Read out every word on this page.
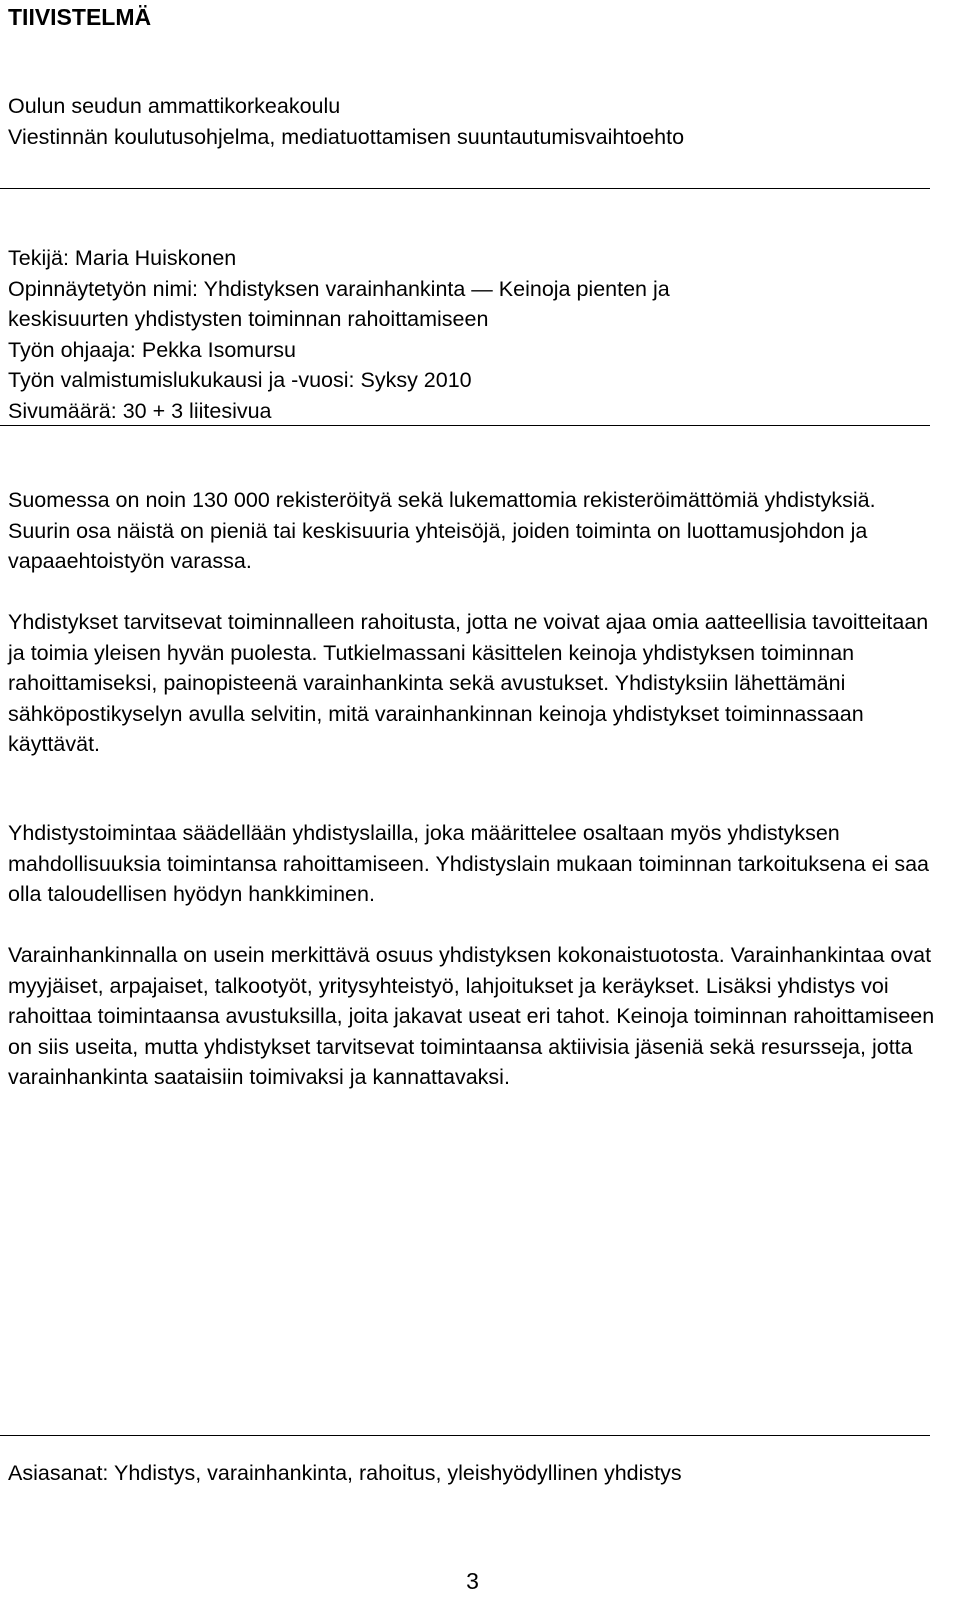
TIIVISTELMÄ
Oulun seudun ammattikorkeakoulu
Viestinnän koulutusohjelma, mediatuottamisen suuntautumisvaihtoehto
Tekijä: Maria Huiskonen
Opinnäytetyön nimi: Yhdistyksen varainhankinta — Keinoja pienten ja
keskisuurten yhdistysten toiminnan rahoittamiseen
Työn ohjaaja: Pekka Isomursu
Työn valmistumislukukausi ja -vuosi: Syksy 2010
Sivumäärä: 30 + 3 liitesivua

Suomessa on noin 130 000 rekisteröityä sekä lukemattomia rekisteröimättömiä yhdistyksiä. Suurin osa näistä on pieniä tai keskisuuria yhteisöjä, joiden toiminta on luottamusjohdon ja vapaaehtoistyön varassa.

Yhdistykset tarvitsevat toiminnalleen rahoitusta, jotta ne voivat ajaa omia aatteellisia tavoitteitaan ja toimia yleisen hyvän puolesta. Tutkielmassani käsittelen keinoja yhdistyksen toiminnan rahoittamiseksi, painopisteenä varainhankinta sekä avustukset. Yhdistyksiin lähettämäni sähköpostikyselyn avulla selvitin, mitä varainhankinnan keinoja yhdistykset toiminnassaan käyttävät.

Yhdistystoimintaa säädellään yhdistyslailla, joka määrittelee osaltaan myös yhdistyksen mahdollisuuksia toimintansa rahoittamiseen. Yhdistyslain mukaan toiminnan tarkoituksena ei saa olla taloudellisen hyödyn hankkiminen.

Varainhankinnalla on usein merkittävä osuus yhdistyksen kokonaistuotosta. Varainhankintaa ovat myyjäiset, arpajaiset, talkootyöt, yritysyhteistyö, lahjoitukset ja keräykset. Lisäksi yhdistys voi rahoittaa toimintaansa avustuksilla, joita jakavat useat eri tahot. Keinoja toiminnan rahoittamiseen on siis useita, mutta yhdistykset tarvitsevat toimintaansa aktiivisia jäseniä sekä resursseja, jotta varainhankinta saataisiin toimivaksi ja kannattavaksi.

Asiasanat: Yhdistys, varainhankinta, rahoitus, yleishyödyllinen yhdistys

3
